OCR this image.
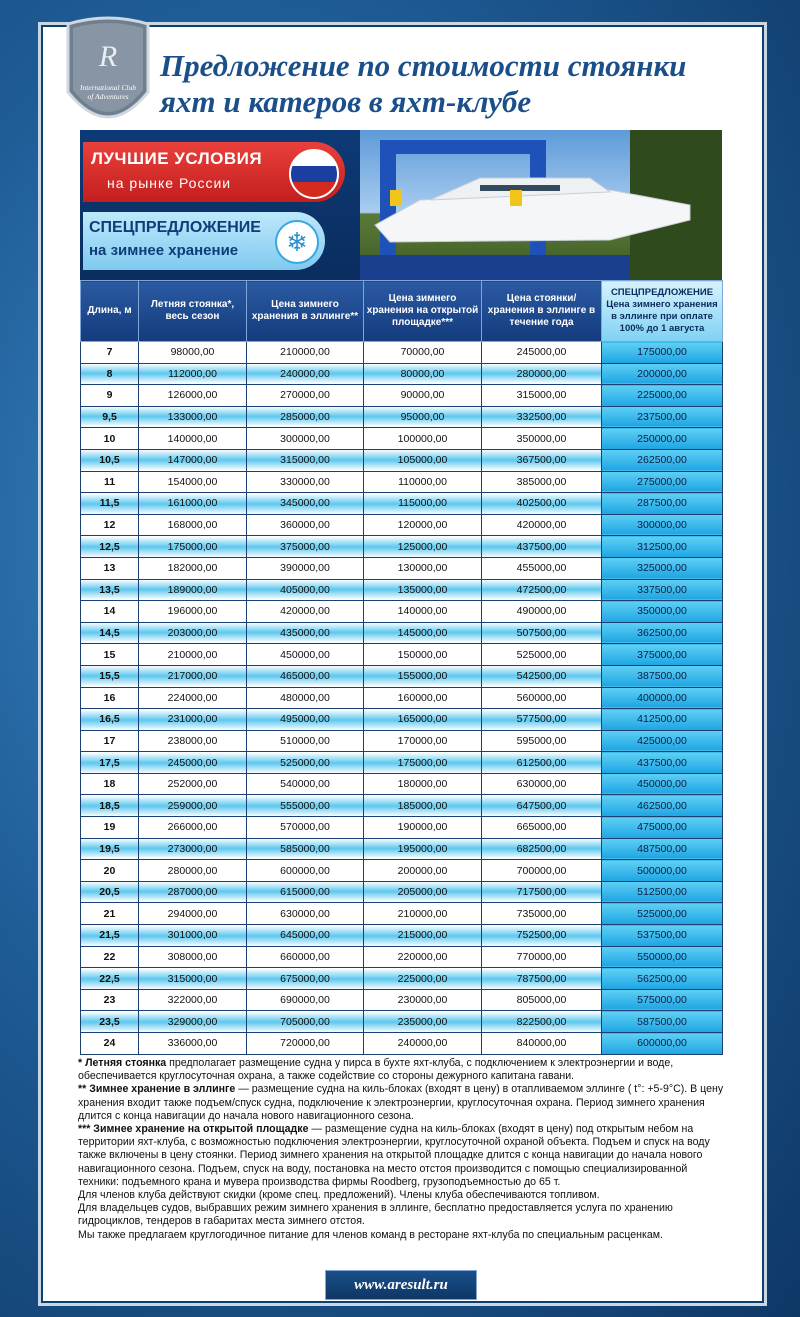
R
International Club
of Adventures
Предложение по стоимости стоянки
яхт и катеров в яхт-клубе
ЛУЧШИЕ УСЛОВИЯ
на рынке России
СПЕЦПРЕДЛОЖЕНИЕ
на зимнее хранение	❄
Длина, м	Летняя стоянка*, весь сезон	Цена зимнего хранения в эллинге**	Цена зимнего хранения на открытой площадке***	Цена стоянки/хранения в эллинге в течение года	СПЕЦПРЕДЛОЖЕНИЕ
Цена зимнего хранения в эллинге при оплате 100% до 1 августа

7	98000,00	210000,00	70000,00	245000,00	175000,00
8	112000,00	240000,00	80000,00	280000,00	200000,00
9	126000,00	270000,00	90000,00	315000,00	225000,00
9,5	133000,00	285000,00	95000,00	332500,00	237500,00
10	140000,00	300000,00	100000,00	350000,00	250000,00
10,5	147000,00	315000,00	105000,00	367500,00	262500,00
11	154000,00	330000,00	110000,00	385000,00	275000,00
11,5	161000,00	345000,00	115000,00	402500,00	287500,00
12	168000,00	360000,00	120000,00	420000,00	300000,00
12,5	175000,00	375000,00	125000,00	437500,00	312500,00
13	182000,00	390000,00	130000,00	455000,00	325000,00
13,5	189000,00	405000,00	135000,00	472500,00	337500,00
14	196000,00	420000,00	140000,00	490000,00	350000,00
14,5	203000,00	435000,00	145000,00	507500,00	362500,00
15	210000,00	450000,00	150000,00	525000,00	375000,00
15,5	217000,00	465000,00	155000,00	542500,00	387500,00
16	224000,00	480000,00	160000,00	560000,00	400000,00
16,5	231000,00	495000,00	165000,00	577500,00	412500,00
17	238000,00	510000,00	170000,00	595000,00	425000,00
17,5	245000,00	525000,00	175000,00	612500,00	437500,00
18	252000,00	540000,00	180000,00	630000,00	450000,00
18,5	259000,00	555000,00	185000,00	647500,00	462500,00
19	266000,00	570000,00	190000,00	665000,00	475000,00
19,5	273000,00	585000,00	195000,00	682500,00	487500,00
20	280000,00	600000,00	200000,00	700000,00	500000,00
20,5	287000,00	615000,00	205000,00	717500,00	512500,00
21	294000,00	630000,00	210000,00	735000,00	525000,00
21,5	301000,00	645000,00	215000,00	752500,00	537500,00
22	308000,00	660000,00	220000,00	770000,00	550000,00
22,5	315000,00	675000,00	225000,00	787500,00	562500,00
23	322000,00	690000,00	230000,00	805000,00	575000,00
23,5	329000,00	705000,00	235000,00	822500,00	587500,00
24	336000,00	720000,00	240000,00	840000,00	600000,00

* Летняя стоянка предполагает размещение судна у пирса в бухте яхт-клуба, с подключением к электроэнергии и воде, обеспечивается круглосуточная охрана, а также содействие со стороны дежурного капитана гавани.

** Зимнее хранение в эллинге — размещение судна на киль-блоках (входят в цену) в отапливаемом эллинге ( t°: +5-9°С). В цену хранения входит также подъем/спуск судна, подключение к электроэнергии, круглосуточная охрана. Период зимнего хранения длится с конца навигации до начала нового навигационного сезона.

*** Зимнее хранение на открытой площадке — размещение судна на киль-блоках (входят в цену) под открытым небом на территории яхт-клуба, с возможностью подключения электроэнергии, круглосуточной охраной объекта. Подъем и спуск на воду также включены в цену стоянки. Период зимнего хранения на открытой площадке длится с конца навигации до начала нового навигационного сезона. Подъем, спуск на воду, постановка на место отстоя производится с помощью специализированной техники: подъемного крана и мувера производства фирмы Roodberg, грузоподъемностью до 65 т.

Для членов клуба действуют скидки (кроме спец. предложений). Члены клуба обеспечиваются топливом.

Для владельцев судов, выбравших режим зимнего хранения в эллинге, бесплатно предоставляется услуга по хранению гидроциклов, тендеров в габаритах места зимнего отстоя.

Мы также предлагаем круглогодичное питание для членов команд в ресторане яхт-клуба по специальным расценкам.

www.aresult.ru
